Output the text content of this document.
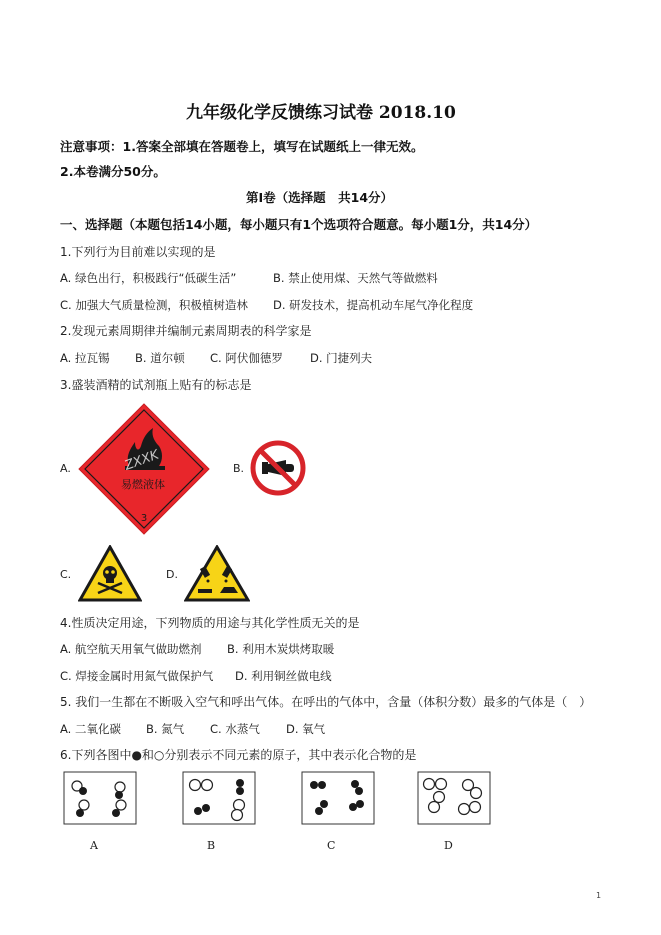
九年级化学反馈练习试卷 2018.10
注意事项：1.答案全部填在答题卷上，填写在试题纸上一律无效。
2.本卷满分50分。
第Ⅰ卷（选择题　共14分）
一、选择题（本题包括14小题，每小题只有1个选项符合题意。每小题1分，共14分）
1.下列行为目前难以实现的是
A. 绿色出行，积极践行“低碳生活”	B. 禁止使用煤、天然气等做燃料
C. 加强大气质量检测，积极植树造林 D. 研发技术，提高机动车尾气净化程度
2.发现元素周期律并编制元素周期表的科学家是
A. 拉瓦锡 B. 道尔顿 C. 阿伏伽德罗 D. 门捷列夫
3.盛装酒精的试剂瓶上贴有的标志是
A.	ZXXK
易燃液体
3
B.
C.	D.
4.性质决定用途，下列物质的用途与其化学性质无关的是
A. 航空航天用氧气做助燃剂 B. 利用木炭烘烤取暖
C. 焊接金属时用氮气做保护气 D. 利用铜丝做电线
5. 我们一生都在不断吸入空气和呼出气体。在呼出的气体中，含量（体积分数）最多的气体是（　）
A. 二氧化碳 B. 氮气 C. 水蒸气 D. 氧气
6.下列各图中●和○分别表示不同元素的原子，其中表示化合物的是
A	B	C	D
1
